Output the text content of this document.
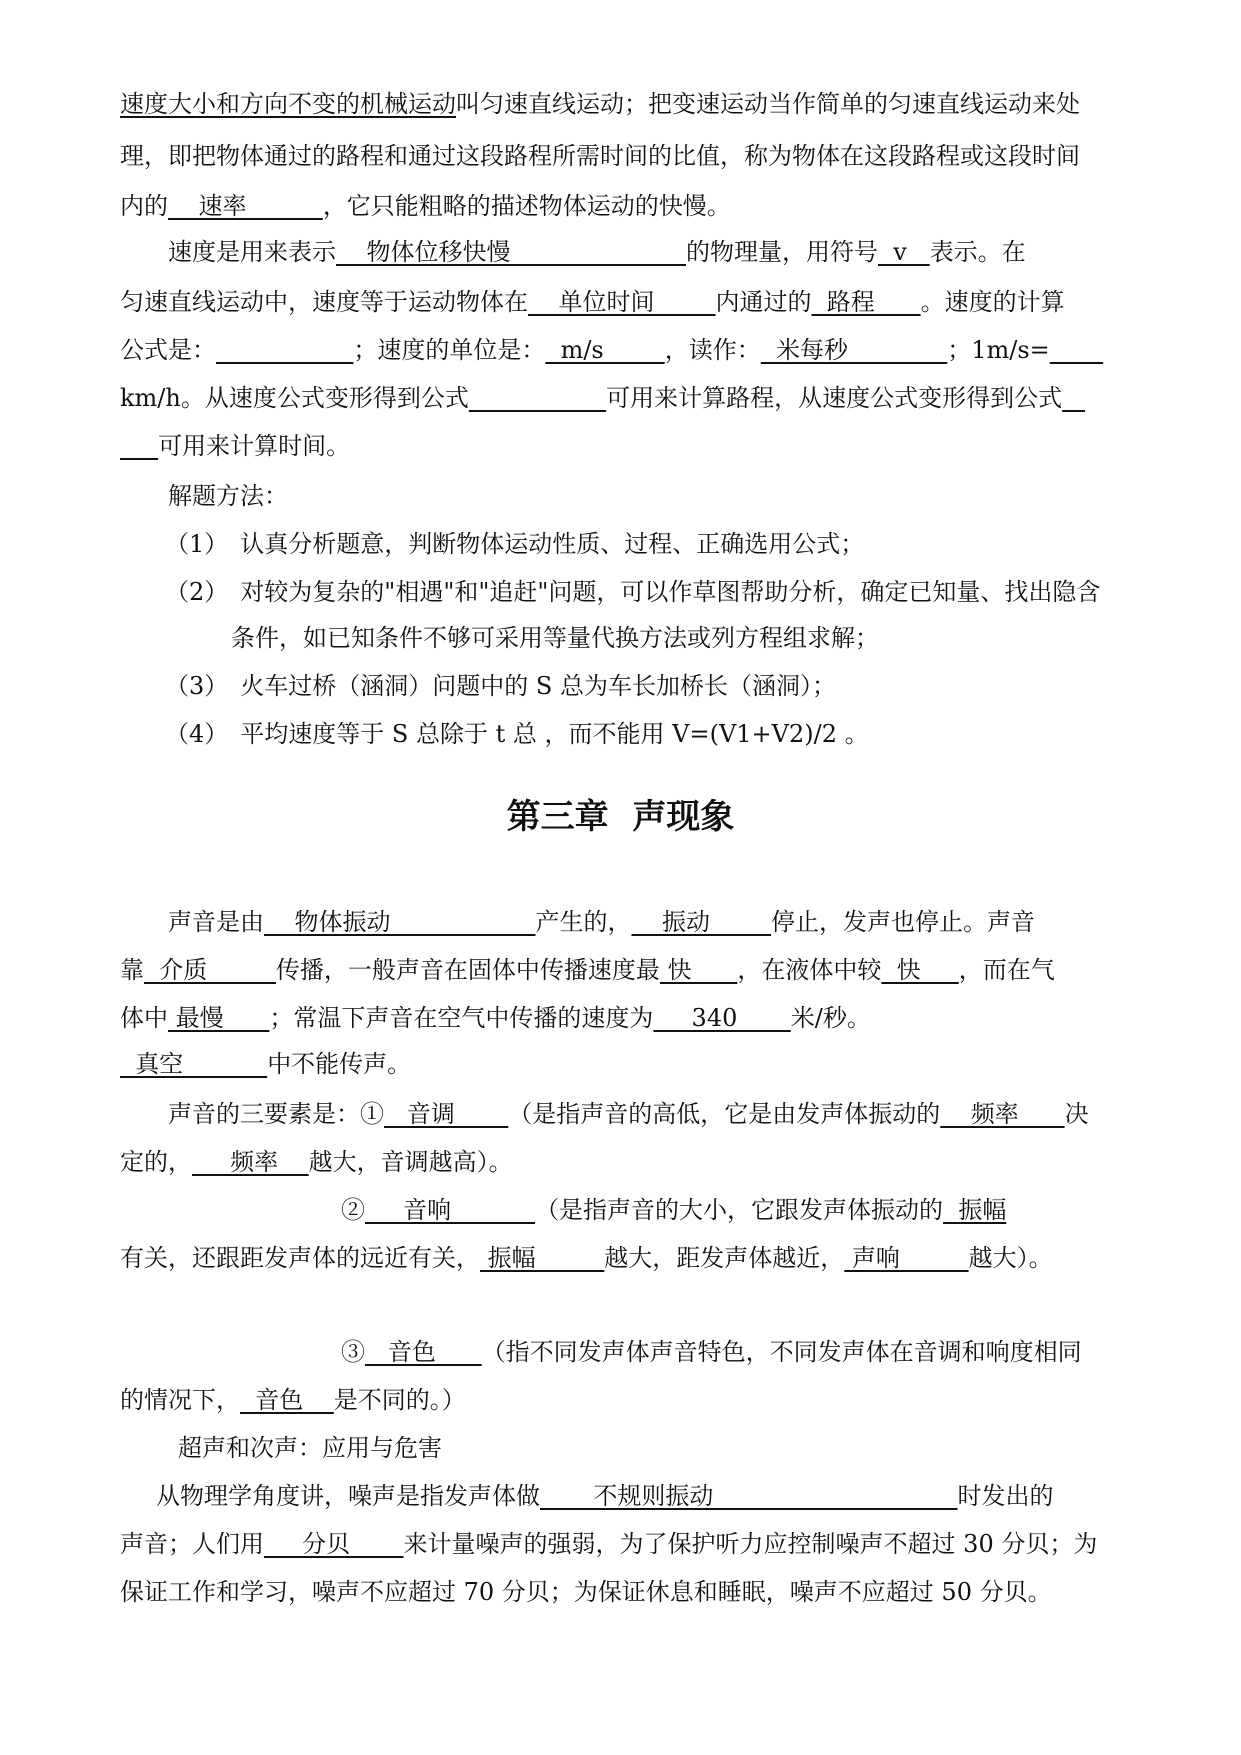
速度大小和方向不变的机械运动叫匀速直线运动；把变速运动当作简单的匀速直线运动来处
理，即把物体通过的路程和通过这段路程所需时间的比值，称为物体在这段路程或这段时间
内的    速率          ，它只能粗略的描述物体运动的快慢。
速度是用来表示    物体位移快慢                       的物理量，用符号  v   表示。在
匀速直线运动中，速度等于运动物体在    单位时间        内通过的  路程      。速度的计算
公式是：	；速度的单位是：  m/s        ，读作：  米每秒             ；1m/s=
km/h。从速度公式变形得到公式	可用来计算路程，从速度公式变形得到公式
可用来计算时间。
解题方法：
（1） 认真分析题意，判断物体运动性质、过程、正确选用公式；
（2） 对较为复杂的"相遇"和"追赶"问题，可以作草图帮助分析，确定已知量、找出隐含
条件，如已知条件不够可采用等量代换方法或列方程组求解；
（3） 火车过桥（涵洞）问题中的 S 总为车长加桥长（涵洞）；
（4） 平均速度等于 S 总除于 t 总 ，而不能用 V=(V1+V2)/2 。
第三章 声现象
声音是由    物体振动                   产生的，    振动        停止，发声也停止。声音
靠  介质         传播，一般声音在固体中传播速度最 快      ，在液体中较  快     ，而在气
体中 最慢      ；常温下声音在空气中传播的速度为     340       米/秒。
真空           中不能传声。
声音的三要素是：①   音调       （是指声音的高低，它是由发声体振动的    频率      决
定的，     频率    越大，音调越高）。
②     音响           （是指声音的大小，它跟发声体振动的  振幅
有关，还跟距发声体的远近有关， 振幅         越大，距发声体越近， 声响         越大）。
③   音色      （指不同发声体声音特色，不同发声体在音调和响度相同
的情况下，  音色    是不同的。）
超声和次声：应用与危害
从物理学角度讲，噪声是指发声体做       不规则振动                                时发出的
声音；人们用     分贝       来计量噪声的强弱，为了保护听力应控制噪声不超过 30 分贝；为
保证工作和学习，噪声不应超过 70 分贝；为保证休息和睡眠，噪声不应超过 50 分贝。
